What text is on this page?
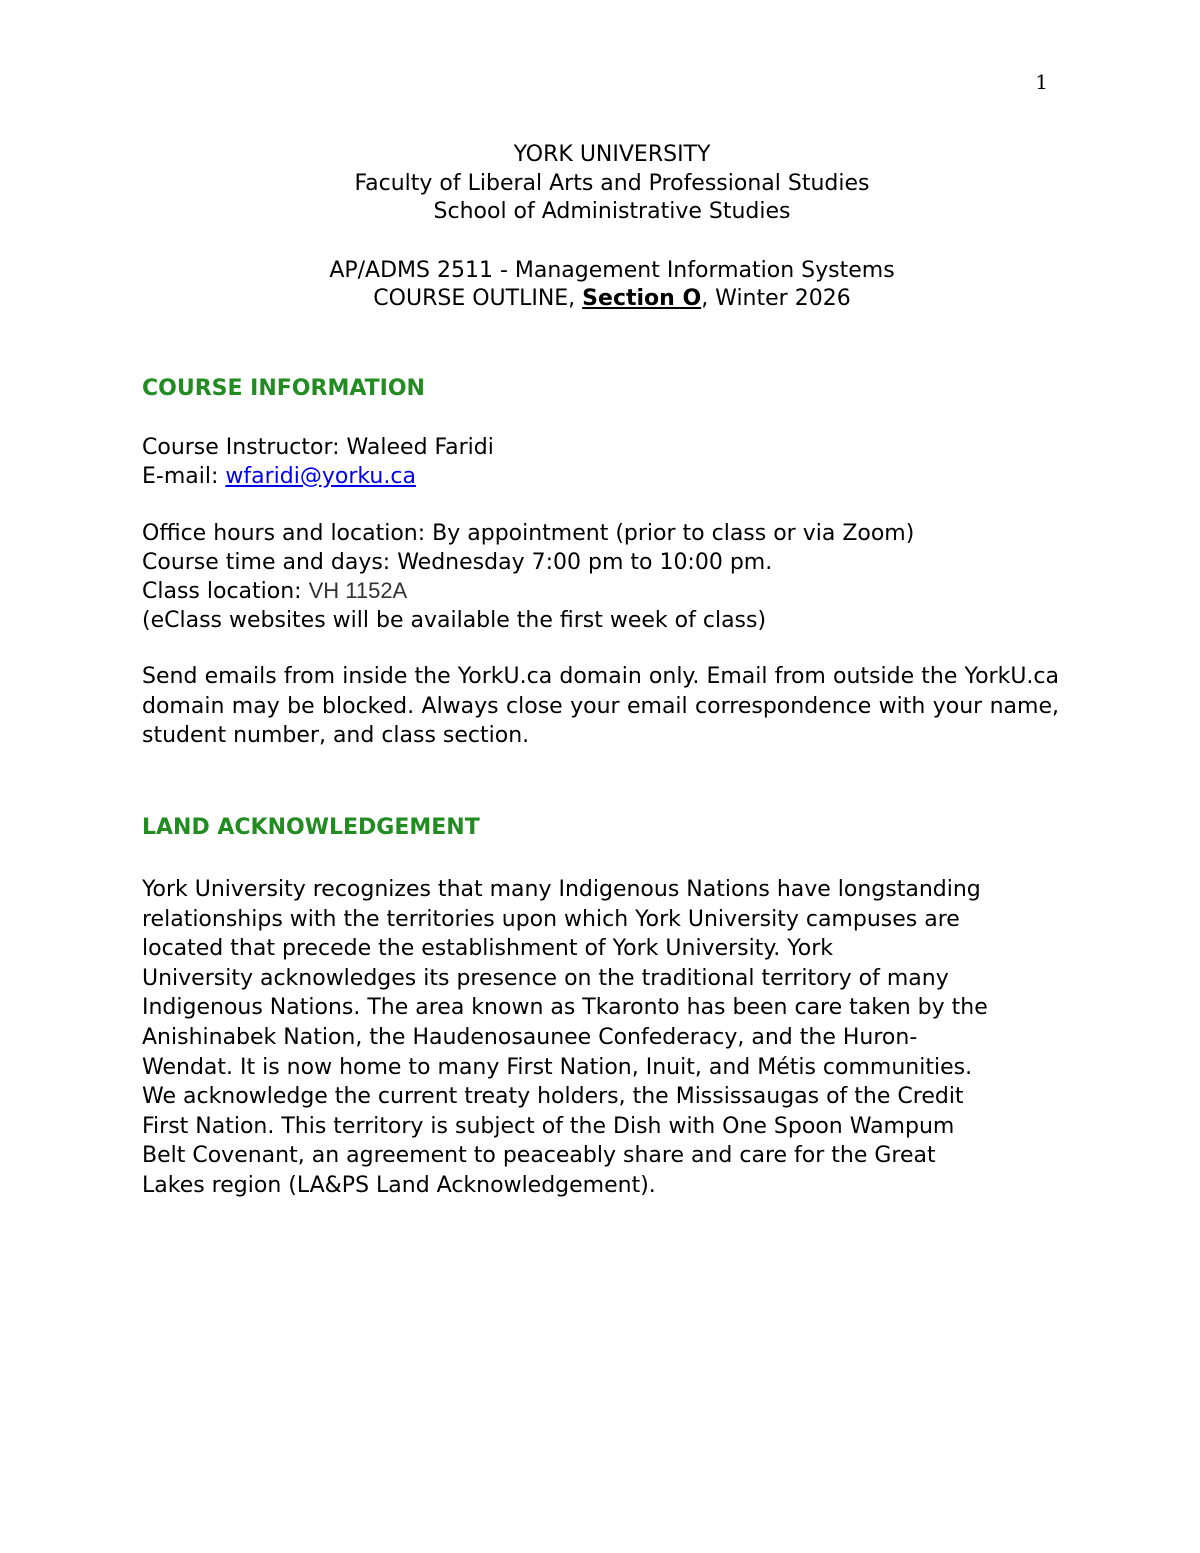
1
YORK UNIVERSITY
Faculty of Liberal Arts and Professional Studies
School of Administrative Studies
AP/ADMS 2511 - Management Information Systems
COURSE OUTLINE, Section O, Winter 2026
COURSE INFORMATION
Course Instructor: Waleed Faridi
E-mail: wfaridi@yorku.ca
Office hours and location: By appointment (prior to class or via Zoom)
Course time and days: Wednesday 7:00 pm to 10:00 pm.
Class location: VH 1152A
(eClass websites will be available the first week of class)
Send emails from inside the YorkU.ca domain only. Email from outside the YorkU.ca domain may be blocked. Always close your email correspondence with your name, student number, and class section.
LAND ACKNOWLEDGEMENT
York University recognizes that many Indigenous Nations have longstanding
relationships with the territories upon which York University campuses are
located that precede the establishment of York University. York
University acknowledges its presence on the traditional territory of many
Indigenous Nations. The area known as Tkaronto has been care taken by the
Anishinabek Nation, the Haudenosaunee Confederacy, and the Huron-
Wendat. It is now home to many First Nation, Inuit, and Métis communities.
We acknowledge the current treaty holders, the Mississaugas of the Credit
First Nation. This territory is subject of the Dish with One Spoon Wampum
Belt Covenant, an agreement to peaceably share and care for the Great
Lakes region (LA&PS Land Acknowledgement).
